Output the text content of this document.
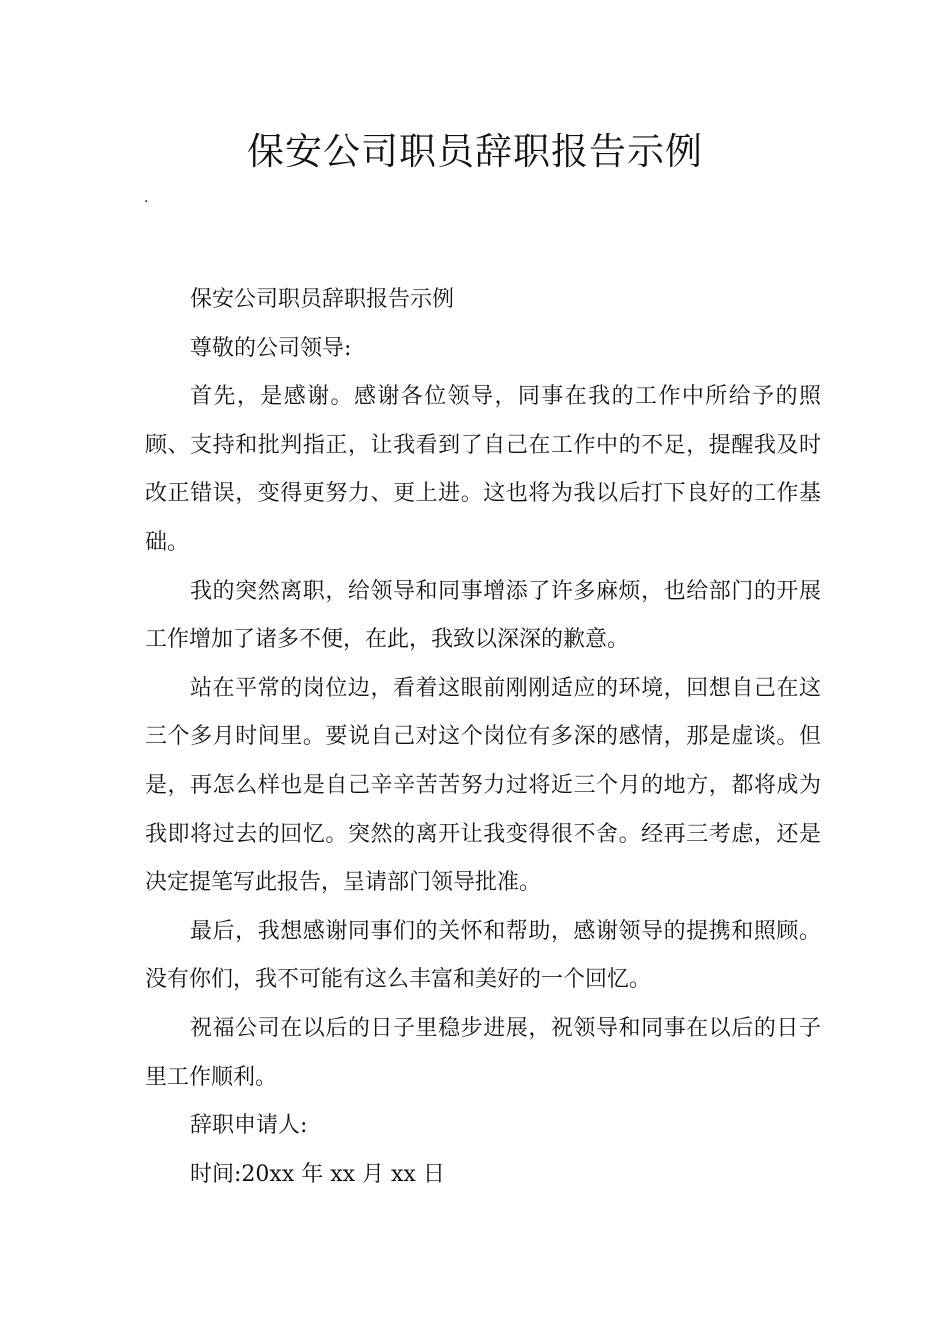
保安公司职员辞职报告示例
.

保安公司职员辞职报告示例

尊敬的公司领导:

首先，是感谢。感谢各位领导，同事在我的工作中所给予的照顾、支持和批判指正，让我看到了自己在工作中的不足，提醒我及时改正错误，变得更努力、更上进。这也将为我以后打下良好的工作基础。

我的突然离职，给领导和同事增添了许多麻烦，也给部门的开展工作增加了诸多不便，在此，我致以深深的歉意。

站在平常的岗位边，看着这眼前刚刚适应的环境，回想自己在这三个多月时间里。要说自己对这个岗位有多深的感情，那是虚谈。但是，再怎么样也是自己辛辛苦苦努力过将近三个月的地方，都将成为我即将过去的回忆。突然的离开让我变得很不舍。经再三考虑，还是决定提笔写此报告，呈请部门领导批准。

最后，我想感谢同事们的关怀和帮助，感谢领导的提携和照顾。没有你们，我不可能有这么丰富和美好的一个回忆。

祝福公司在以后的日子里稳步进展，祝领导和同事在以后的日子里工作顺利。

辞职申请人:

时间:20xx 年 xx 月 xx 日
